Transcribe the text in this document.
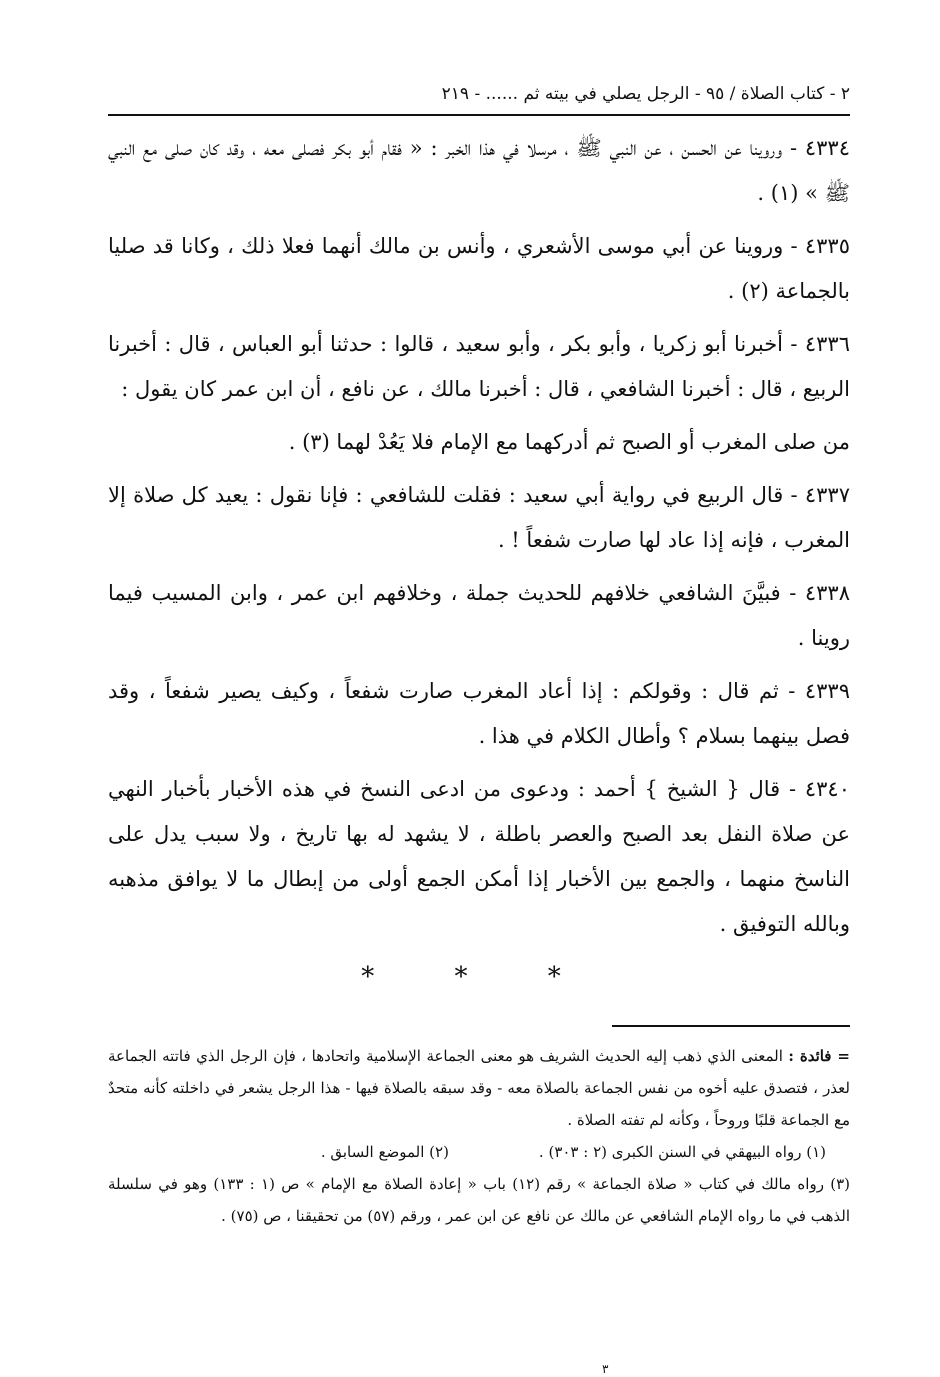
٢ - كتاب الصلاة / ٩٥ - الرجل يصلي في بيته ثم ...... - ٢١٩

٤٣٣٤ - وروينا عن الحسن ، عن النبي ﷺ ، مرسلا في هذا الخبر : « فقام أبو بكر فصلى معه ، وقد كان صلى مع النبي ﷺ » (١) .

٤٣٣٥ - وروينا عن أبي موسى الأشعري ، وأنس بن مالك أنهما فعلا ذلك ، وكانا قد صليا بالجماعة (٢) .

٤٣٣٦ - أخبرنا أبو زكريا ، وأبو بكر ، وأبو سعيد ، قالوا : حدثنا أبو العباس ، قال : أخبرنا الربيع ، قال : أخبرنا الشافعي ، قال : أخبرنا مالك ، عن نافع ، أن ابن عمر كان يقول :

من صلى المغرب أو الصبح ثم أدركهما مع الإمام فلا يَعُدْ لهما (٣) .

٤٣٣٧ - قال الربيع في رواية أبي سعيد : فقلت للشافعي : فإنا نقول : يعيد كل صلاة إلا المغرب ، فإنه إذا عاد لها صارت شفعاً ! .

٤٣٣٨ - فبيَّنَ الشافعي خلافهم للحديث جملة ، وخلافهم ابن عمر ، وابن المسيب فيما روينا .

٤٣٣٩ - ثم قال : وقولكم : إذا أعاد المغرب صارت شفعاً ، وكيف يصير شفعاً ، وقد فصل بينهما بسلام ؟ وأطال الكلام في هذا .

٤٣٤٠ - قال { الشيخ } أحمد : ودعوى من ادعى النسخ في هذه الأخبار بأخبار النهي عن صلاة النفل بعد الصبح والعصر باطلة ، لا يشهد له بها تاريخ ، ولا سبب يدل على الناسخ منهما ، والجمع بين الأخبار إذا أمكن الجمع أولى من إبطال ما لا يوافق مذهبه وبالله التوفيق .

* * *

= فائدة : المعنى الذي ذهب إليه الحديث الشريف هو معنى الجماعة الإسلامية واتحادها ، فإن الرجل الذي فاتته الجماعة لعذر ، فتصدق عليه أخوه من نفس الجماعة بالصلاة معه - وقد سبقه بالصلاة فيها - هذا الرجل يشعر في داخلته كأنه متحدٌ مع الجماعة قلبًا وروحاً ، وكأنه لم تفته الصلاة .

(١) رواه البيهقي في السنن الكبرى (٢ : ٣٠٣) .
(٢) الموضع السابق .

(٣) رواه مالك في كتاب « صلاة الجماعة » رقم (١٢) باب « إعادة الصلاة مع الإمام » ص (١ : ١٣٣) وهو في سلسلة الذهب في ما رواه الإمام الشافعي عن مالك عن نافع عن ابن عمر ، ورقم (٥٧) من تحقيقنا ، ص (٧٥) .

٣
